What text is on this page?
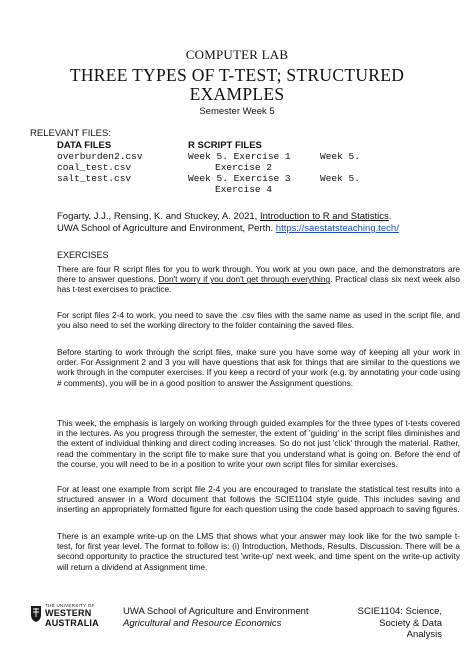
COMPUTER LAB
THREE TYPES OF T-TEST; STRUCTURED
EXAMPLES
Semester Week 5
RELEVANT FILES:
DATA FILES
overburden2.csv
coal_test.csv
salt_test.csv
R SCRIPT FILES
Week 5. Exercise 1
Exercise 2
Week 5. Exercise 3
Exercise 4

Week 5.

Week 5.
Fogarty, J.J., Rensing, K. and Stuckey, A. 2021, Introduction to R and Statistics.
UWA School of Agriculture and Environment, Perth. https://saestatsteaching.tech/
EXERCISES
There are four R script files for you to work through. You work at you own pace, and the demonstrators are there to answer questions. Don't worry if you don't get through everything. Practical class six next week also has t-test exercises to practice.
For script files 2-4 to work, you need to save the .csv files with the same name as used in the script file, and you also need to set the working directory to the folder containing the saved files.
Before starting to work through the script files, make sure you have some way of keeping all your work in order. For Assignment 2 and 3 you will have questions that ask for things that are similar to the questions we work through in the computer exercises. If you keep a record of your work (e.g. by annotating your code using # comments), you will be in a good position to answer the Assignment questions.
This week, the emphasis is largely on working through guided examples for the three types of t-tests covered in the lectures. As you progress through the semester, the extent of 'guiding' in the script files diminishes and the extent of individual thinking and direct coding increases. So do not just 'click' through the material. Rather, read the commentary in the script file to make sure that you understand what is going on. Before the end of the course, you will need to be in a position to write your own script files for similar exercises.
For at least one example from script file 2-4 you are encouraged to translate the statistical test results into a structured answer in a Word document that follows the SCIE1104 style guide. This includes saving and inserting an appropriately formatted figure for each question using the code based approach to saving figures.
There is an example write-up on the LMS that shows what your answer may look like for the two sample t-test, for first year level. The format to follow is: (i) Introduction, Methods, Results, Discussion. There will be a second opportunity to practice the structured test 'write-up' next week, and time spent on the write-up activity will return a dividend at Assignment time.
THE UNIVERSITY OF
WESTERN
AUSTRALIA
UWA School of Agriculture and Environment
Agricultural and Resource Economics
SCIE1104: Science,
Society & Data
Analysis
